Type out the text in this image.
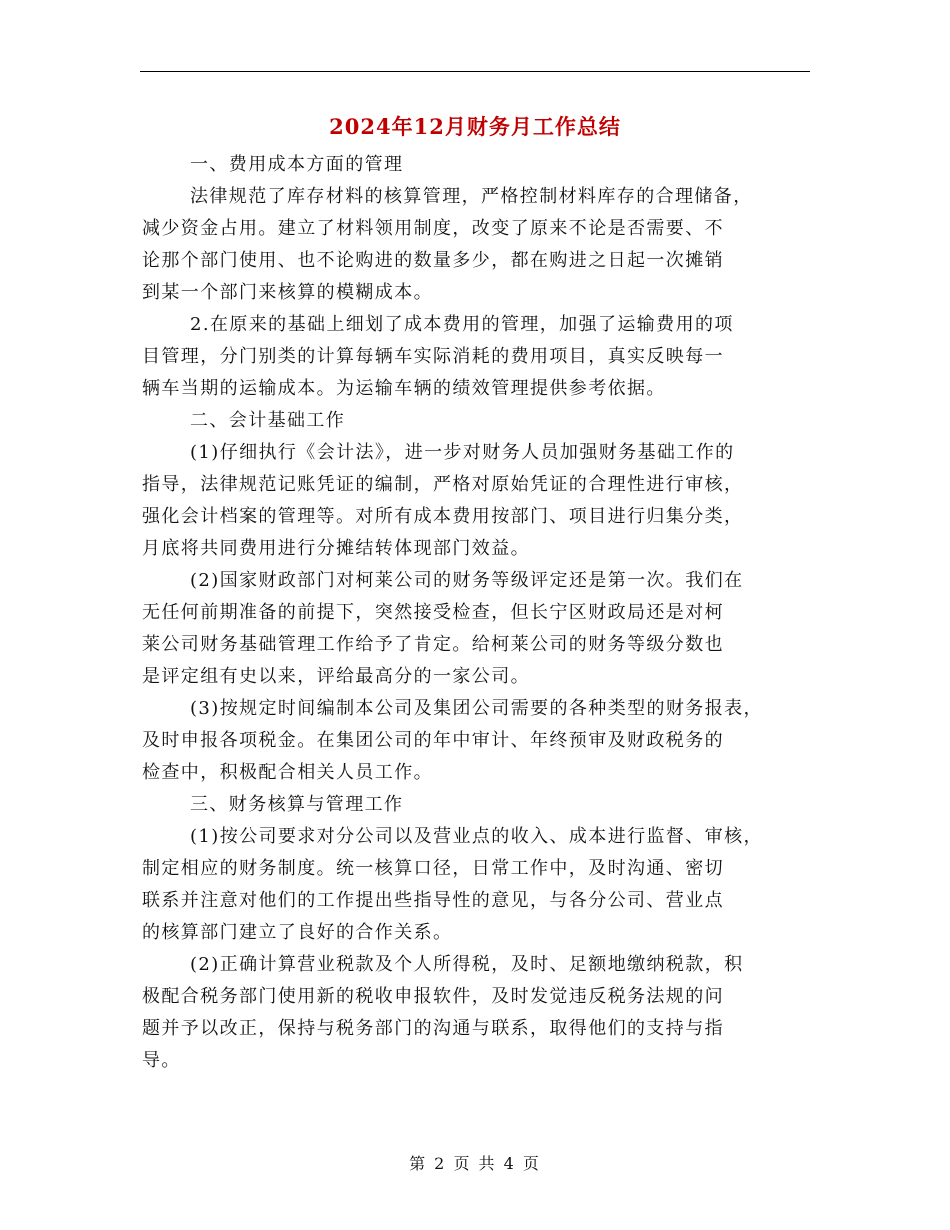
2024年12月财务月工作总结
一、费用成本方面的管理
法律规范了库存材料的核算管理，严格控制材料库存的合理储备，
减少资金占用。建立了材料领用制度，改变了原来不论是否需要、不
论那个部门使用、也不论购进的数量多少，都在购进之日起一次摊销
到某一个部门来核算的模糊成本。
2.在原来的基础上细划了成本费用的管理，加强了运输费用的项
目管理，分门别类的计算每辆车实际消耗的费用项目，真实反映每一
辆车当期的运输成本。为运输车辆的绩效管理提供参考依据。
二、会计基础工作
(1)仔细执行《会计法》，进一步对财务人员加强财务基础工作的
指导，法律规范记账凭证的编制，严格对原始凭证的合理性进行审核，
强化会计档案的管理等。对所有成本费用按部门、项目进行归集分类，
月底将共同费用进行分摊结转体现部门效益。
(2)国家财政部门对柯莱公司的财务等级评定还是第一次。我们在
无任何前期准备的前提下，突然接受检查，但长宁区财政局还是对柯
莱公司财务基础管理工作给予了肯定。给柯莱公司的财务等级分数也
是评定组有史以来，评给最高分的一家公司。
(3)按规定时间编制本公司及集团公司需要的各种类型的财务报表，
及时申报各项税金。在集团公司的年中审计、年终预审及财政税务的
检查中，积极配合相关人员工作。
三、财务核算与管理工作
(1)按公司要求对分公司以及营业点的收入、成本进行监督、审核，
制定相应的财务制度。统一核算口径，日常工作中，及时沟通、密切
联系并注意对他们的工作提出些指导性的意见，与各分公司、营业点
的核算部门建立了良好的合作关系。
(2)正确计算营业税款及个人所得税，及时、足额地缴纳税款，积
极配合税务部门使用新的税收申报软件，及时发觉违反税务法规的问
题并予以改正，保持与税务部门的沟通与联系，取得他们的支持与指
导。
第 2 页 共 4 页
